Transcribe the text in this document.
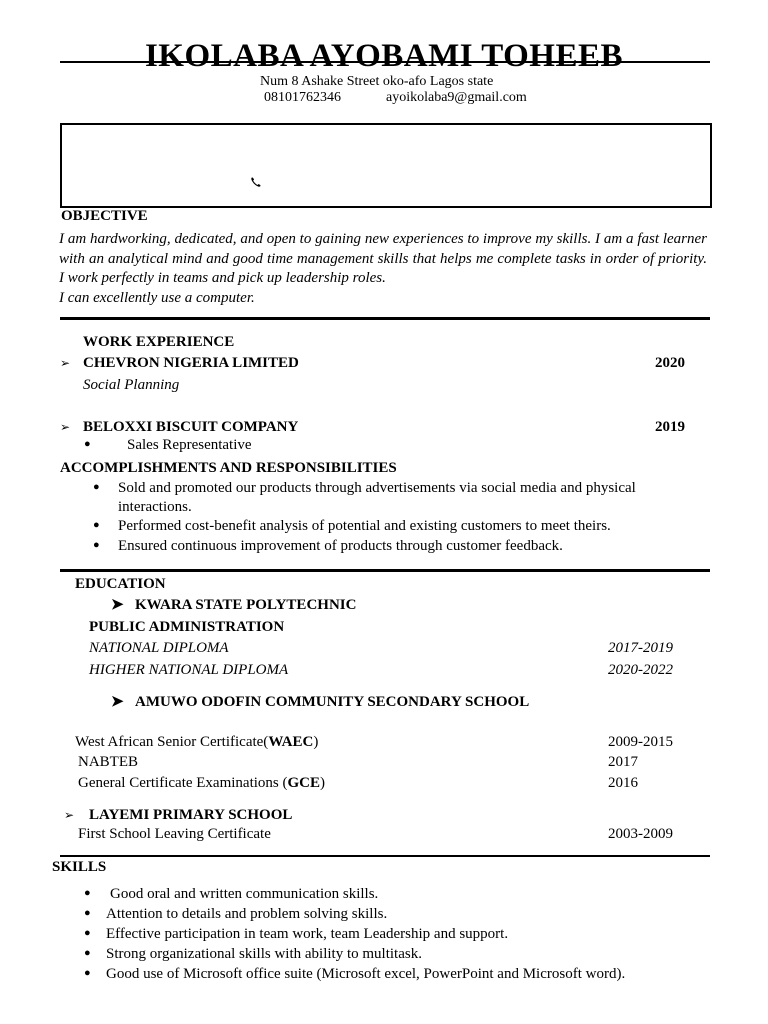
IKOLABA AYOBAMI TOHEEB
Num 8 Ashake Street oko-afo Lagos state
08101762346	ayoikolaba9@gmail.com
OBJECTIVE
I am hardworking, dedicated, and open to gaining new experiences to improve my skills. I am a fast learner with an analytical mind and good time management skills that helps me complete tasks in order of priority. I work perfectly in teams and pick up leadership roles.
I can excellently use a computer.
WORK EXPERIENCE
➢ CHEVRON NIGERIA LIMITED	2020
Social Planning
➢ BELOXXI BISCUIT COMPANY	2019
● Sales Representative
ACCOMPLISHMENTS AND RESPONSIBILITIES
● Sold and promoted our products through advertisements via social media and physical
interactions.
● Performed cost-benefit analysis of potential and existing customers to meet theirs.
● Ensured continuous improvement of products through customer feedback.
EDUCATION
➤ KWARA STATE POLYTECHNIC
PUBLIC ADMINISTRATION
NATIONAL DIPLOMA	2017-2019
HIGHER NATIONAL DIPLOMA	2020-2022
➤ AMUWO ODOFIN COMMUNITY SECONDARY SCHOOL
West African Senior Certificate(WAEC)	2009-2015
NABTEB	2017
General Certificate Examinations (GCE)	2016
➢ LAYEMI PRIMARY SCHOOL
First School Leaving Certificate	2003-2009
SKILLS
● Good oral and written communication skills.
● Attention to details and problem solving skills.
● Effective participation in team work, team Leadership and support.
● Strong organizational skills with ability to multitask.
● Good use of Microsoft office suite (Microsoft excel, PowerPoint and Microsoft word).
